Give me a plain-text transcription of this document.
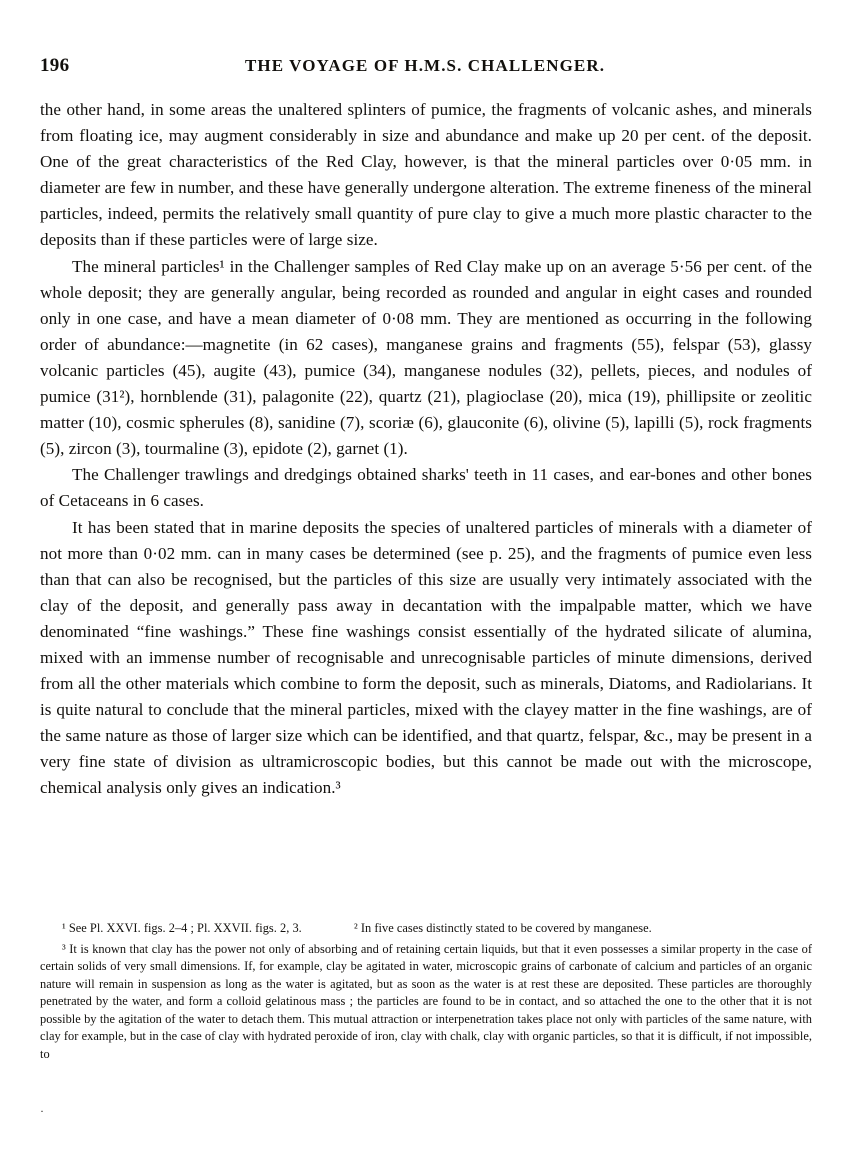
196	THE VOYAGE OF H.M.S. CHALLENGER.

the other hand, in some areas the unaltered splinters of pumice, the fragments of volcanic ashes, and minerals from floating ice, may augment considerably in size and abundance and make up 20 per cent. of the deposit. One of the great characteristics of the Red Clay, however, is that the mineral particles over 0·05 mm. in diameter are few in number, and these have generally undergone alteration. The extreme fineness of the mineral particles, indeed, permits the relatively small quantity of pure clay to give a much more plastic character to the deposits than if these particles were of large size.

The mineral particles¹ in the Challenger samples of Red Clay make up on an average 5·56 per cent. of the whole deposit; they are generally angular, being recorded as rounded and angular in eight cases and rounded only in one case, and have a mean diameter of 0·08 mm. They are mentioned as occurring in the following order of abundance:—magnetite (in 62 cases), manganese grains and fragments (55), felspar (53), glassy volcanic particles (45), augite (43), pumice (34), manganese nodules (32), pellets, pieces, and nodules of pumice (31²), hornblende (31), palagonite (22), quartz (21), plagioclase (20), mica (19), phillipsite or zeolitic matter (10), cosmic spherules (8), sanidine (7), scoriæ (6), glauconite (6), olivine (5), lapilli (5), rock fragments (5), zircon (3), tourmaline (3), epidote (2), garnet (1).

The Challenger trawlings and dredgings obtained sharks' teeth in 11 cases, and ear-bones and other bones of Cetaceans in 6 cases.

It has been stated that in marine deposits the species of unaltered particles of minerals with a diameter of not more than 0·02 mm. can in many cases be determined (see p. 25), and the fragments of pumice even less than that can also be recognised, but the particles of this size are usually very intimately associated with the clay of the deposit, and generally pass away in decantation with the impalpable matter, which we have denominated “fine washings.” These fine washings consist essentially of the hydrated silicate of alumina, mixed with an immense number of recognisable and unrecognisable particles of minute dimensions, derived from all the other materials which combine to form the deposit, such as minerals, Diatoms, and Radiolarians. It is quite natural to conclude that the mineral particles, mixed with the clayey matter in the fine washings, are of the same nature as those of larger size which can be identified, and that quartz, felspar, &c., may be present in a very fine state of division as ultramicroscopic bodies, but this cannot be made out with the microscope, chemical analysis only gives an indication.³

¹ See Pl. XXVI. figs. 2–4 ; Pl. XXVII. figs. 2, 3.	² In five cases distinctly stated to be covered by manganese.

³ It is known that clay has the power not only of absorbing and of retaining certain liquids, but that it even possesses a similar property in the case of certain solids of very small dimensions. If, for example, clay be agitated in water, microscopic grains of carbonate of calcium and particles of an organic nature will remain in suspension as long as the water is agitated, but as soon as the water is at rest these are deposited. These particles are thoroughly penetrated by the water, and form a colloid gelatinous mass ; the particles are found to be in contact, and so attached the one to the other that it is not possible by the agitation of the water to detach them. This mutual attraction or interpenetration takes place not only with particles of the same nature, with clay for example, but in the case of clay with hydrated peroxide of iron, clay with chalk, clay with organic particles, so that it is difficult, if not impossible, to

·
